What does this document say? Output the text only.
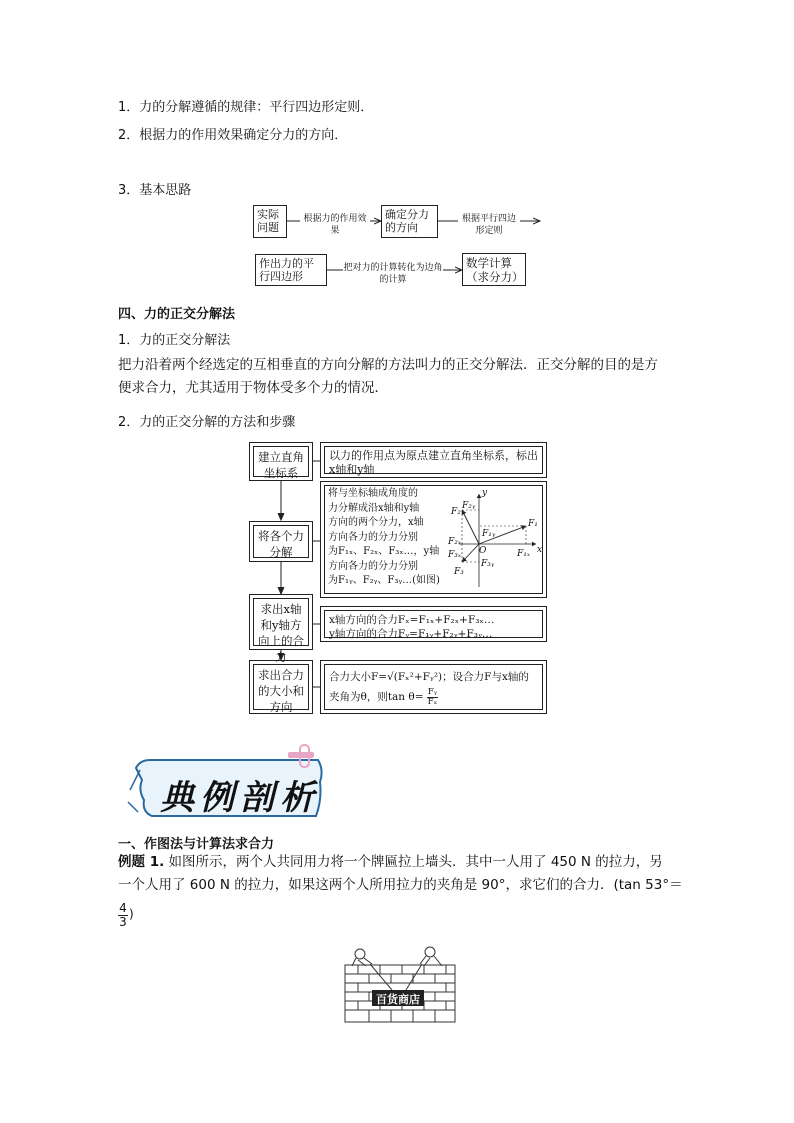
1．力的分解遵循的规律：平行四边形定则．
2．根据力的作用效果确定分力的方向．
3．基本思路
实际问题
根据力的作用效果
确定分力的方向
根据平行四边形定则
作出力的平行四边形
把对力的计算转化为边角的计算
数学计算（求分力）
四、力的正交分解法
1．力的正交分解法
把力沿着两个经选定的互相垂直的方向分解的方法叫力的正交分解法．正交分解的目的是方
便求合力，尤其适用于物体受多个力的情况．
2．力的正交分解的方法和步骤
建立直角坐标系
将各个力分解
求出x轴和y轴方向上的合力
求出合力的大小和方向
以力的作用点为原点建立直角坐标系，标出x轴和y轴
将与坐标轴成角度的
力分解成沿x轴和y轴
方向的两个分力，x轴
方向各力的分力分别
为F₁ₓ、F₂ₓ、F₃ₓ…，y轴
方向各力的分力分别
为F₁ᵧ、F₂ᵧ、F₃ᵧ…(如图)
y
x
O
F₁
F₂
F₃
F₁ₓ
F₁ᵧ
F₂ₓ
F₂ᵧ
F₃ₓ
F₃ᵧ
x轴方向的合力Fₓ=F₁ₓ+F₂ₓ+F₃ₓ…
y轴方向的合力Fᵧ=F₁ᵧ+F₂ᵧ+F₃ᵧ…
合力大小F=√(Fₓ²+Fᵧ²)；设合力F与x轴的
夹角为θ，则$\tan \theta= \frac{\text{Fᵧ}}{\text{Fₓ}}$
典例剖析
一、作图法与计算法求合力
例题 1. 如图所示，两个人共同用力将一个牌匾拉上墙头．其中一人用了 450 N 的拉力，另
一个人用了 600 N 的拉力，如果这两个人所用拉力的夹角是 90°，求它们的合力．(tan 53°＝
4
3
)
百货商店
